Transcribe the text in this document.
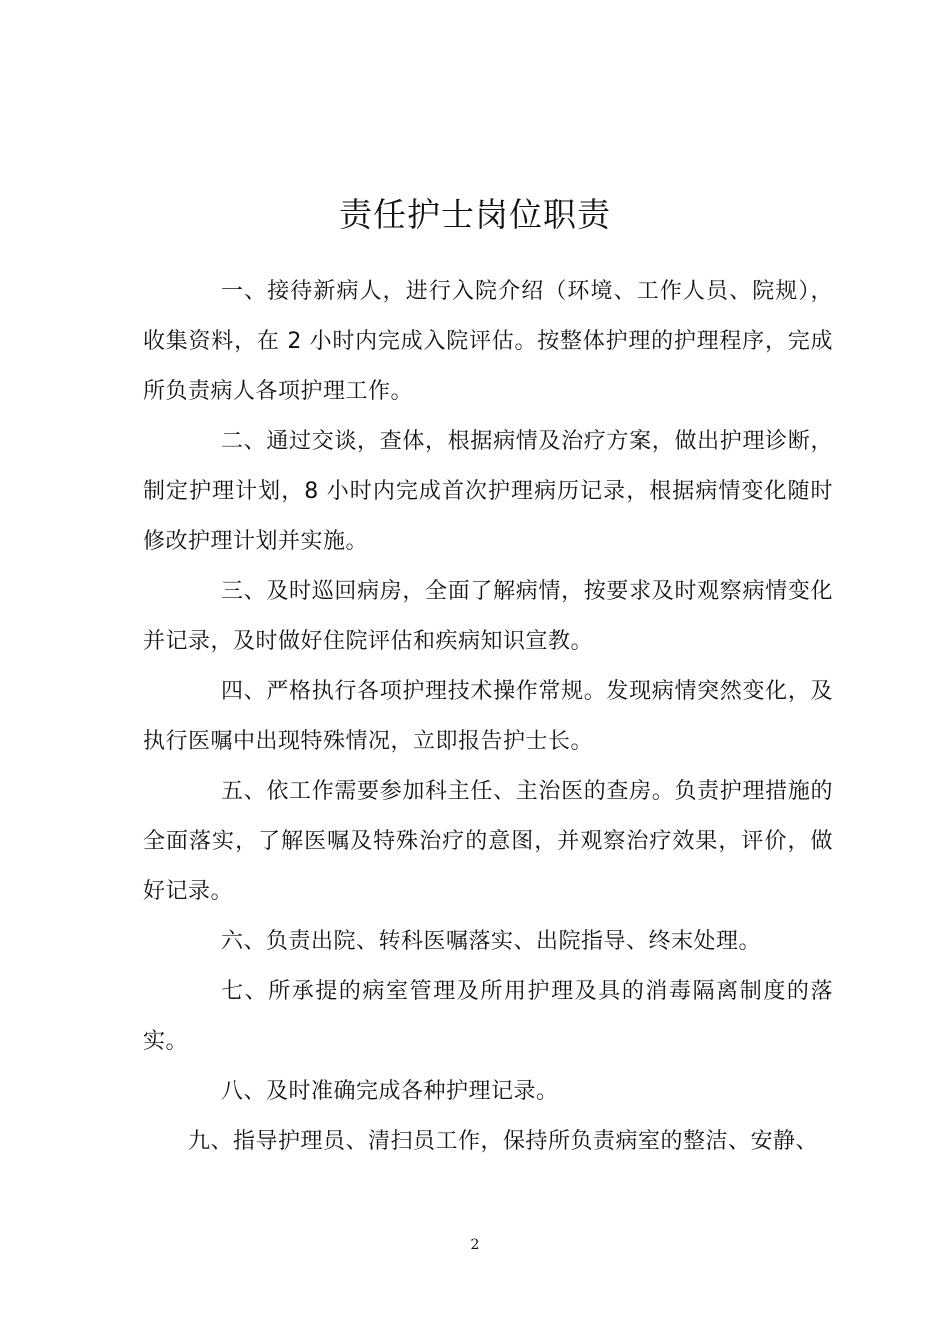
责任护士岗位职责

一、接待新病人，进行入院介绍（环境、工作人员、院规），收集资料，在 2 小时内完成入院评估。按整体护理的护理程序，完成所负责病人各项护理工作。

二、通过交谈，查体，根据病情及治疗方案，做出护理诊断，制定护理计划，8 小时内完成首次护理病历记录，根据病情变化随时修改护理计划并实施。

三、及时巡回病房，全面了解病情，按要求及时观察病情变化并记录，及时做好住院评估和疾病知识宣教。

四、严格执行各项护理技术操作常规。发现病情突然变化，及执行医嘱中出现特殊情况，立即报告护士长。

五、依工作需要参加科主任、主治医的查房。负责护理措施的全面落实，了解医嘱及特殊治疗的意图，并观察治疗效果，评价，做好记录。

六、负责出院、转科医嘱落实、出院指导、终末处理。

七、所承提的病室管理及所用护理及具的消毒隔离制度的落实。

八、及时准确完成各种护理记录。

九、指导护理员、清扫员工作，保持所负责病室的整洁、安静、

2
